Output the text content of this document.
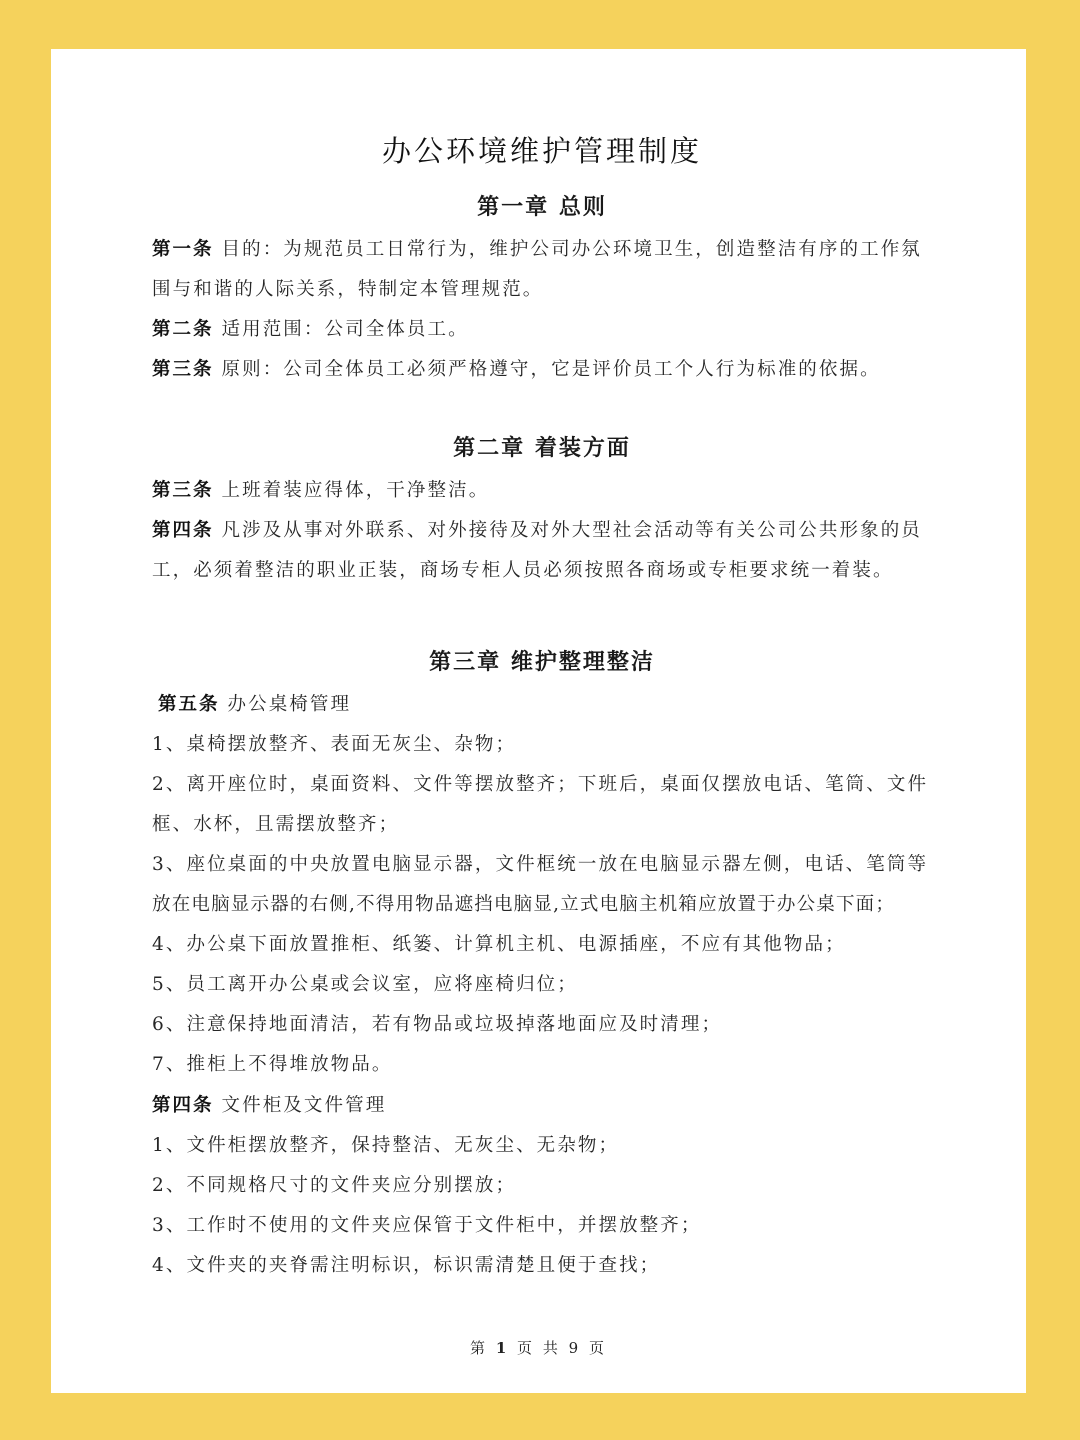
办公环境维护管理制度
第一章 总则
第一条 目的：为规范员工日常行为，维护公司办公环境卫生，创造整洁有序的工作氛
围与和谐的人际关系，特制定本管理规范。
第二条 适用范围：公司全体员工。
第三条 原则：公司全体员工必须严格遵守，它是评价员工个人行为标准的依据。
第二章 着装方面
第三条 上班着装应得体，干净整洁。
第四条 凡涉及从事对外联系、对外接待及对外大型社会活动等有关公司公共形象的员
工，必须着整洁的职业正装，商场专柜人员必须按照各商场或专柜要求统一着装。
第三章 维护整理整洁
第五条 办公桌椅管理
1、桌椅摆放整齐、表面无灰尘、杂物；
2、离开座位时，桌面资料、文件等摆放整齐；下班后，桌面仅摆放电话、笔筒、文件
框、水杯，且需摆放整齐；
3、座位桌面的中央放置电脑显示器，文件框统一放在电脑显示器左侧，电话、笔筒等
放在电脑显示器的右侧,不得用物品遮挡电脑显,立式电脑主机箱应放置于办公桌下面；
4、办公桌下面放置推柜、纸篓、计算机主机、电源插座，不应有其他物品；
5、员工离开办公桌或会议室，应将座椅归位；
6、注意保持地面清洁，若有物品或垃圾掉落地面应及时清理；
7、推柜上不得堆放物品。
第四条 文件柜及文件管理
1、文件柜摆放整齐，保持整洁、无灰尘、无杂物；
2、不同规格尺寸的文件夹应分别摆放；
3、工作时不使用的文件夹应保管于文件柜中，并摆放整齐；
4、文件夹的夹脊需注明标识，标识需清楚且便于查找；
第 1 页 共 9 页
